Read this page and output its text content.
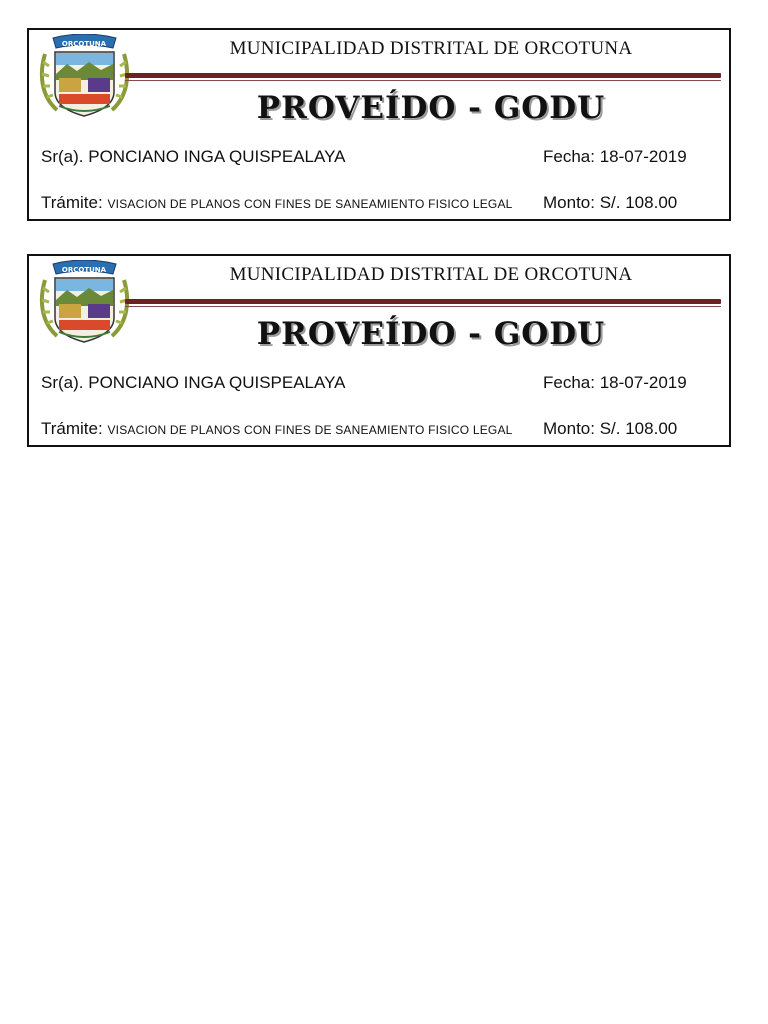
ORCOTUNA	MUNICIPALIDAD DISTRITAL DE ORCOTUNA
PROVEÍDO - GODU
Sr(a). PONCIANO INGA QUISPEALAYA	Fecha: 18-07-2019
Trámite: VISACION DE PLANOS CON FINES DE SANEAMIENTO FISICO LEGAL Monto: S/. 108.00
ORCOTUNA	MUNICIPALIDAD DISTRITAL DE ORCOTUNA
PROVEÍDO - GODU
Sr(a). PONCIANO INGA QUISPEALAYA	Fecha: 18-07-2019
Trámite: VISACION DE PLANOS CON FINES DE SANEAMIENTO FISICO LEGAL Monto: S/. 108.00
